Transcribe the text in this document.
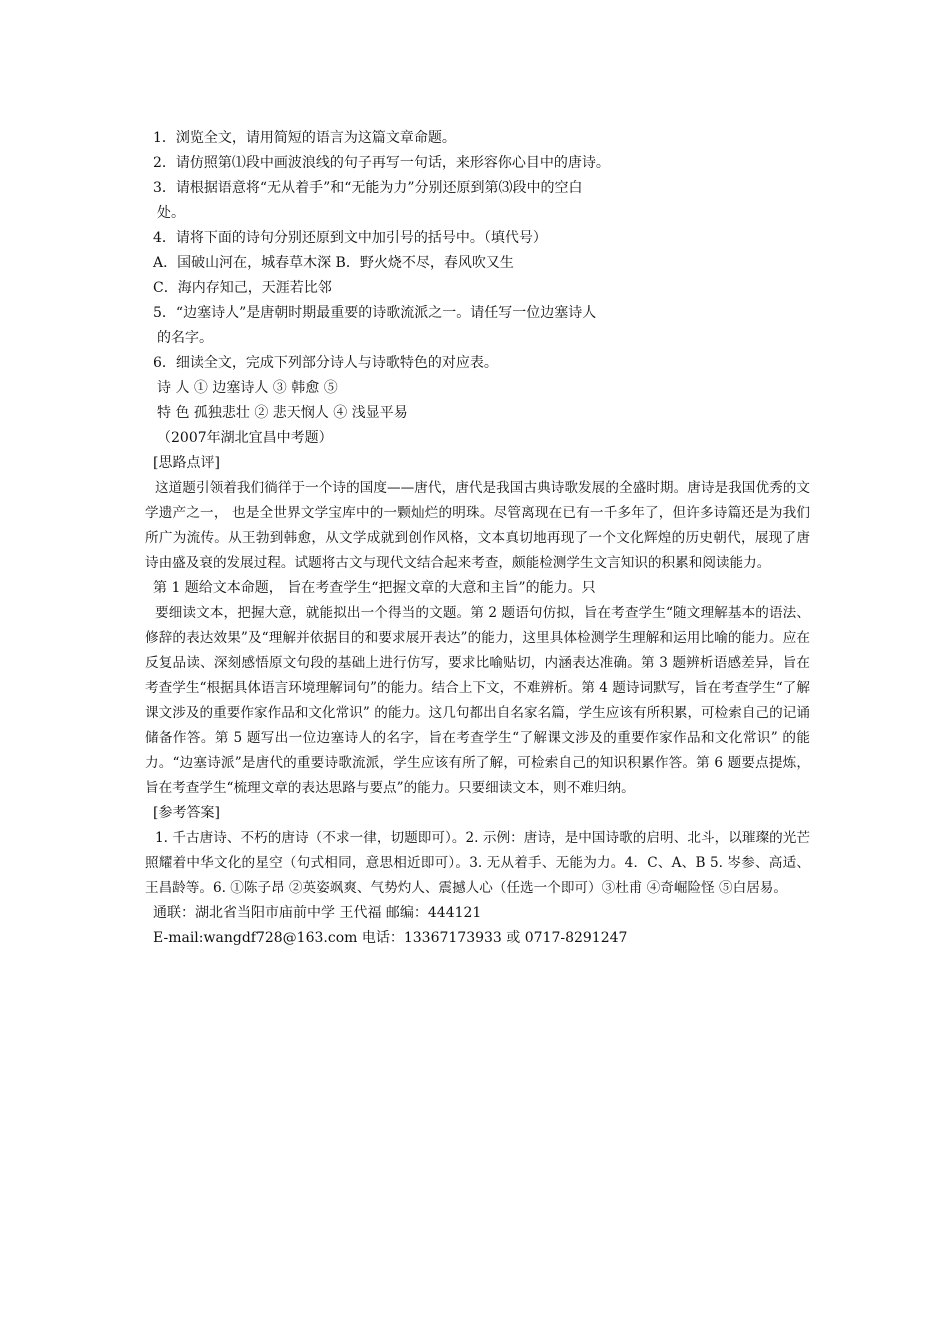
1．浏览全文，请用简短的语言为这篇文章命题。
2．请仿照第⑴段中画波浪线的句子再写一句话，来形容你心目中的唐诗。
3．请根据语意将“无从着手”和“无能为力”分别还原到第⑶段中的空白
处。
4．请将下面的诗句分别还原到文中加引号的括号中。（填代号）
A．国破山河在，城春草木深 B．野火烧不尽，春风吹又生
C．海内存知己，天涯若比邻
5．“边塞诗人”是唐朝时期最重要的诗歌流派之一。请任写一位边塞诗人
的名字。
6．细读全文，完成下列部分诗人与诗歌特色的对应表。
诗 人 ① 边塞诗人 ③ 韩愈 ⑤
特 色 孤独悲壮 ② 悲天悯人 ④ 浅显平易
（2007年湖北宜昌中考题）
[思路点评]
这道题引领着我们徜徉于一个诗的国度——唐代，唐代是我国古典诗歌发展的全盛时期。唐诗是我国优秀的文学遗产之一， 也是全世界文学宝库中的一颗灿烂的明珠。尽管离现在已有一千多年了，但许多诗篇还是为我们所广为流传。从王勃到韩愈，从文学成就到创作风格，文本真切地再现了一个文化辉煌的历史朝代，展现了唐诗由盛及衰的发展过程。试题将古文与现代文结合起来考查，颇能检测学生文言知识的积累和阅读能力。
第 1 题给文本命题， 旨在考查学生“把握文章的大意和主旨”的能力。只
要细读文本，把握大意，就能拟出一个得当的文题。第 2 题语句仿拟，旨在考查学生“随文理解基本的语法、修辞的表达效果”及“理解并依据目的和要求展开表达”的能力，这里具体检测学生理解和运用比喻的能力。应在反复品读、深刻感悟原文句段的基础上进行仿写，要求比喻贴切，内涵表达准确。第 3 题辨析语感差异，旨在考查学生“根据具体语言环境理解词句”的能力。结合上下文，不难辨析。第 4 题诗词默写，旨在考查学生“了解课文涉及的重要作家作品和文化常识” 的能力。这几句都出自名家名篇，学生应该有所积累，可检索自己的记诵储备作答。第 5 题写出一位边塞诗人的名字，旨在考查学生“了解课文涉及的重要作家作品和文化常识” 的能力。“边塞诗派”是唐代的重要诗歌流派，学生应该有所了解，可检索自己的知识积累作答。第 6 题要点提炼，旨在考查学生“梳理文章的表达思路与要点”的能力。只要细读文本，则不难归纳。
[参考答案]
1. 千古唐诗、不朽的唐诗（不求一律，切题即可）。2. 示例：唐诗，是中国诗歌的启明、北斗，以璀璨的光芒照耀着中华文化的星空（句式相同，意思相近即可）。3. 无从着手、无能为力。4．C、A、B 5. 岑参、高适、王昌龄等。6. ①陈子昂 ②英姿飒爽、气势灼人、震撼人心（任选一个即可）③杜甫 ④奇崛险怪 ⑤白居易。
通联：湖北省当阳市庙前中学 王代福 邮编：444121
E-mail:wangdf728@163.com 电话：13367173933 或 0717-8291247
